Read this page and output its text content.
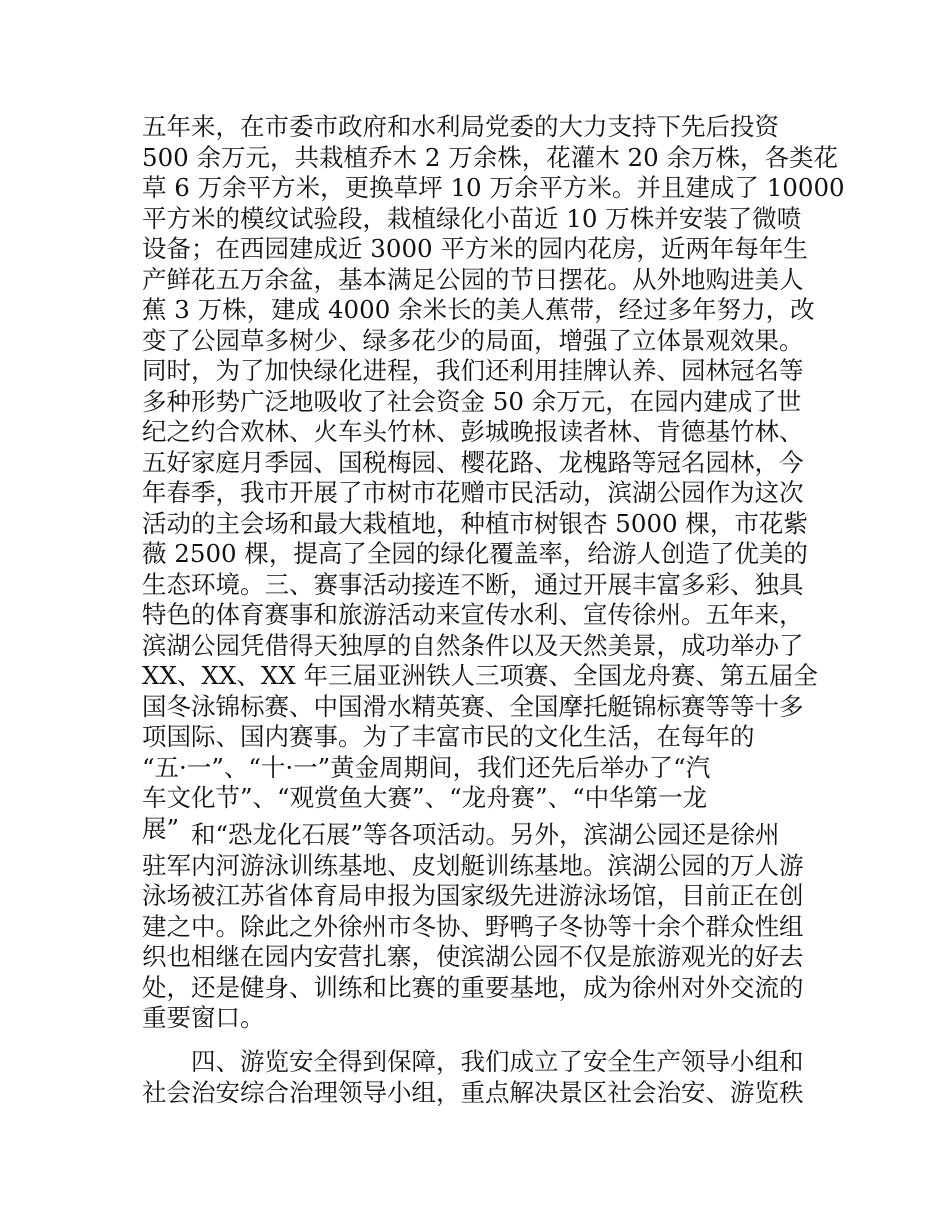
五年来，在市委市政府和水利局党委的大力支持下先后投资
500 余万元，共栽植乔木 2 万余株，花灌木 20 余万株，各类花
草 6 万余平方米，更换草坪 10 万余平方米。并且建成了 10000
平方米的模纹试验段，栽植绿化小苗近 10 万株并安装了微喷
设备；在西园建成近 3000 平方米的园内花房，近两年每年生
产鲜花五万余盆，基本满足公园的节日摆花。从外地购进美人
蕉 3 万株，建成 4000 余米长的美人蕉带，经过多年努力，改
变了公园草多树少、绿多花少的局面，增强了立体景观效果。
同时，为了加快绿化进程，我们还利用挂牌认养、园林冠名等
多种形势广泛地吸收了社会资金 50 余万元，在园内建成了世
纪之约合欢林、火车头竹林、彭城晚报读者林、肯德基竹林、
五好家庭月季园、国税梅园、樱花路、龙槐路等冠名园林，今
年春季，我市开展了市树市花赠市民活动，滨湖公园作为这次
活动的主会场和最大栽植地，种植市树银杏 5000 棵，市花紫
薇 2500 棵，提高了全园的绿化覆盖率，给游人创造了优美的
生态环境。三、赛事活动接连不断，通过开展丰富多彩、独具
特色的体育赛事和旅游活动来宣传水利、宣传徐州。五年来，
滨湖公园凭借得天独厚的自然条件以及天然美景，成功举办了
XX、XX、XX 年三届亚洲铁人三项赛、全国龙舟赛、第五届全
国冬泳锦标赛、中国滑水精英赛、全国摩托艇锦标赛等等十多
项国际、国内赛事。为了丰富市民的文化生活，在每年的
“五·一”、“十·一”黄金周期间，我们还先后举办了“汽
车文化节”、“观赏鱼大赛”、“龙舟赛”、“中华第一龙
展” 和“恐龙化石展”等各项活动。另外，滨湖公园还是徐州
驻军内河游泳训练基地、皮划艇训练基地。滨湖公园的万人游
泳场被江苏省体育局申报为国家级先进游泳场馆，目前正在创
建之中。除此之外徐州市冬协、野鸭子冬协等十余个群众性组
织也相继在园内安营扎寨，使滨湖公园不仅是旅游观光的好去
处，还是健身、训练和比赛的重要基地，成为徐州对外交流的
重要窗口。
四、游览安全得到保障，我们成立了安全生产领导小组和
社会治安综合治理领导小组，重点解决景区社会治安、游览秩
